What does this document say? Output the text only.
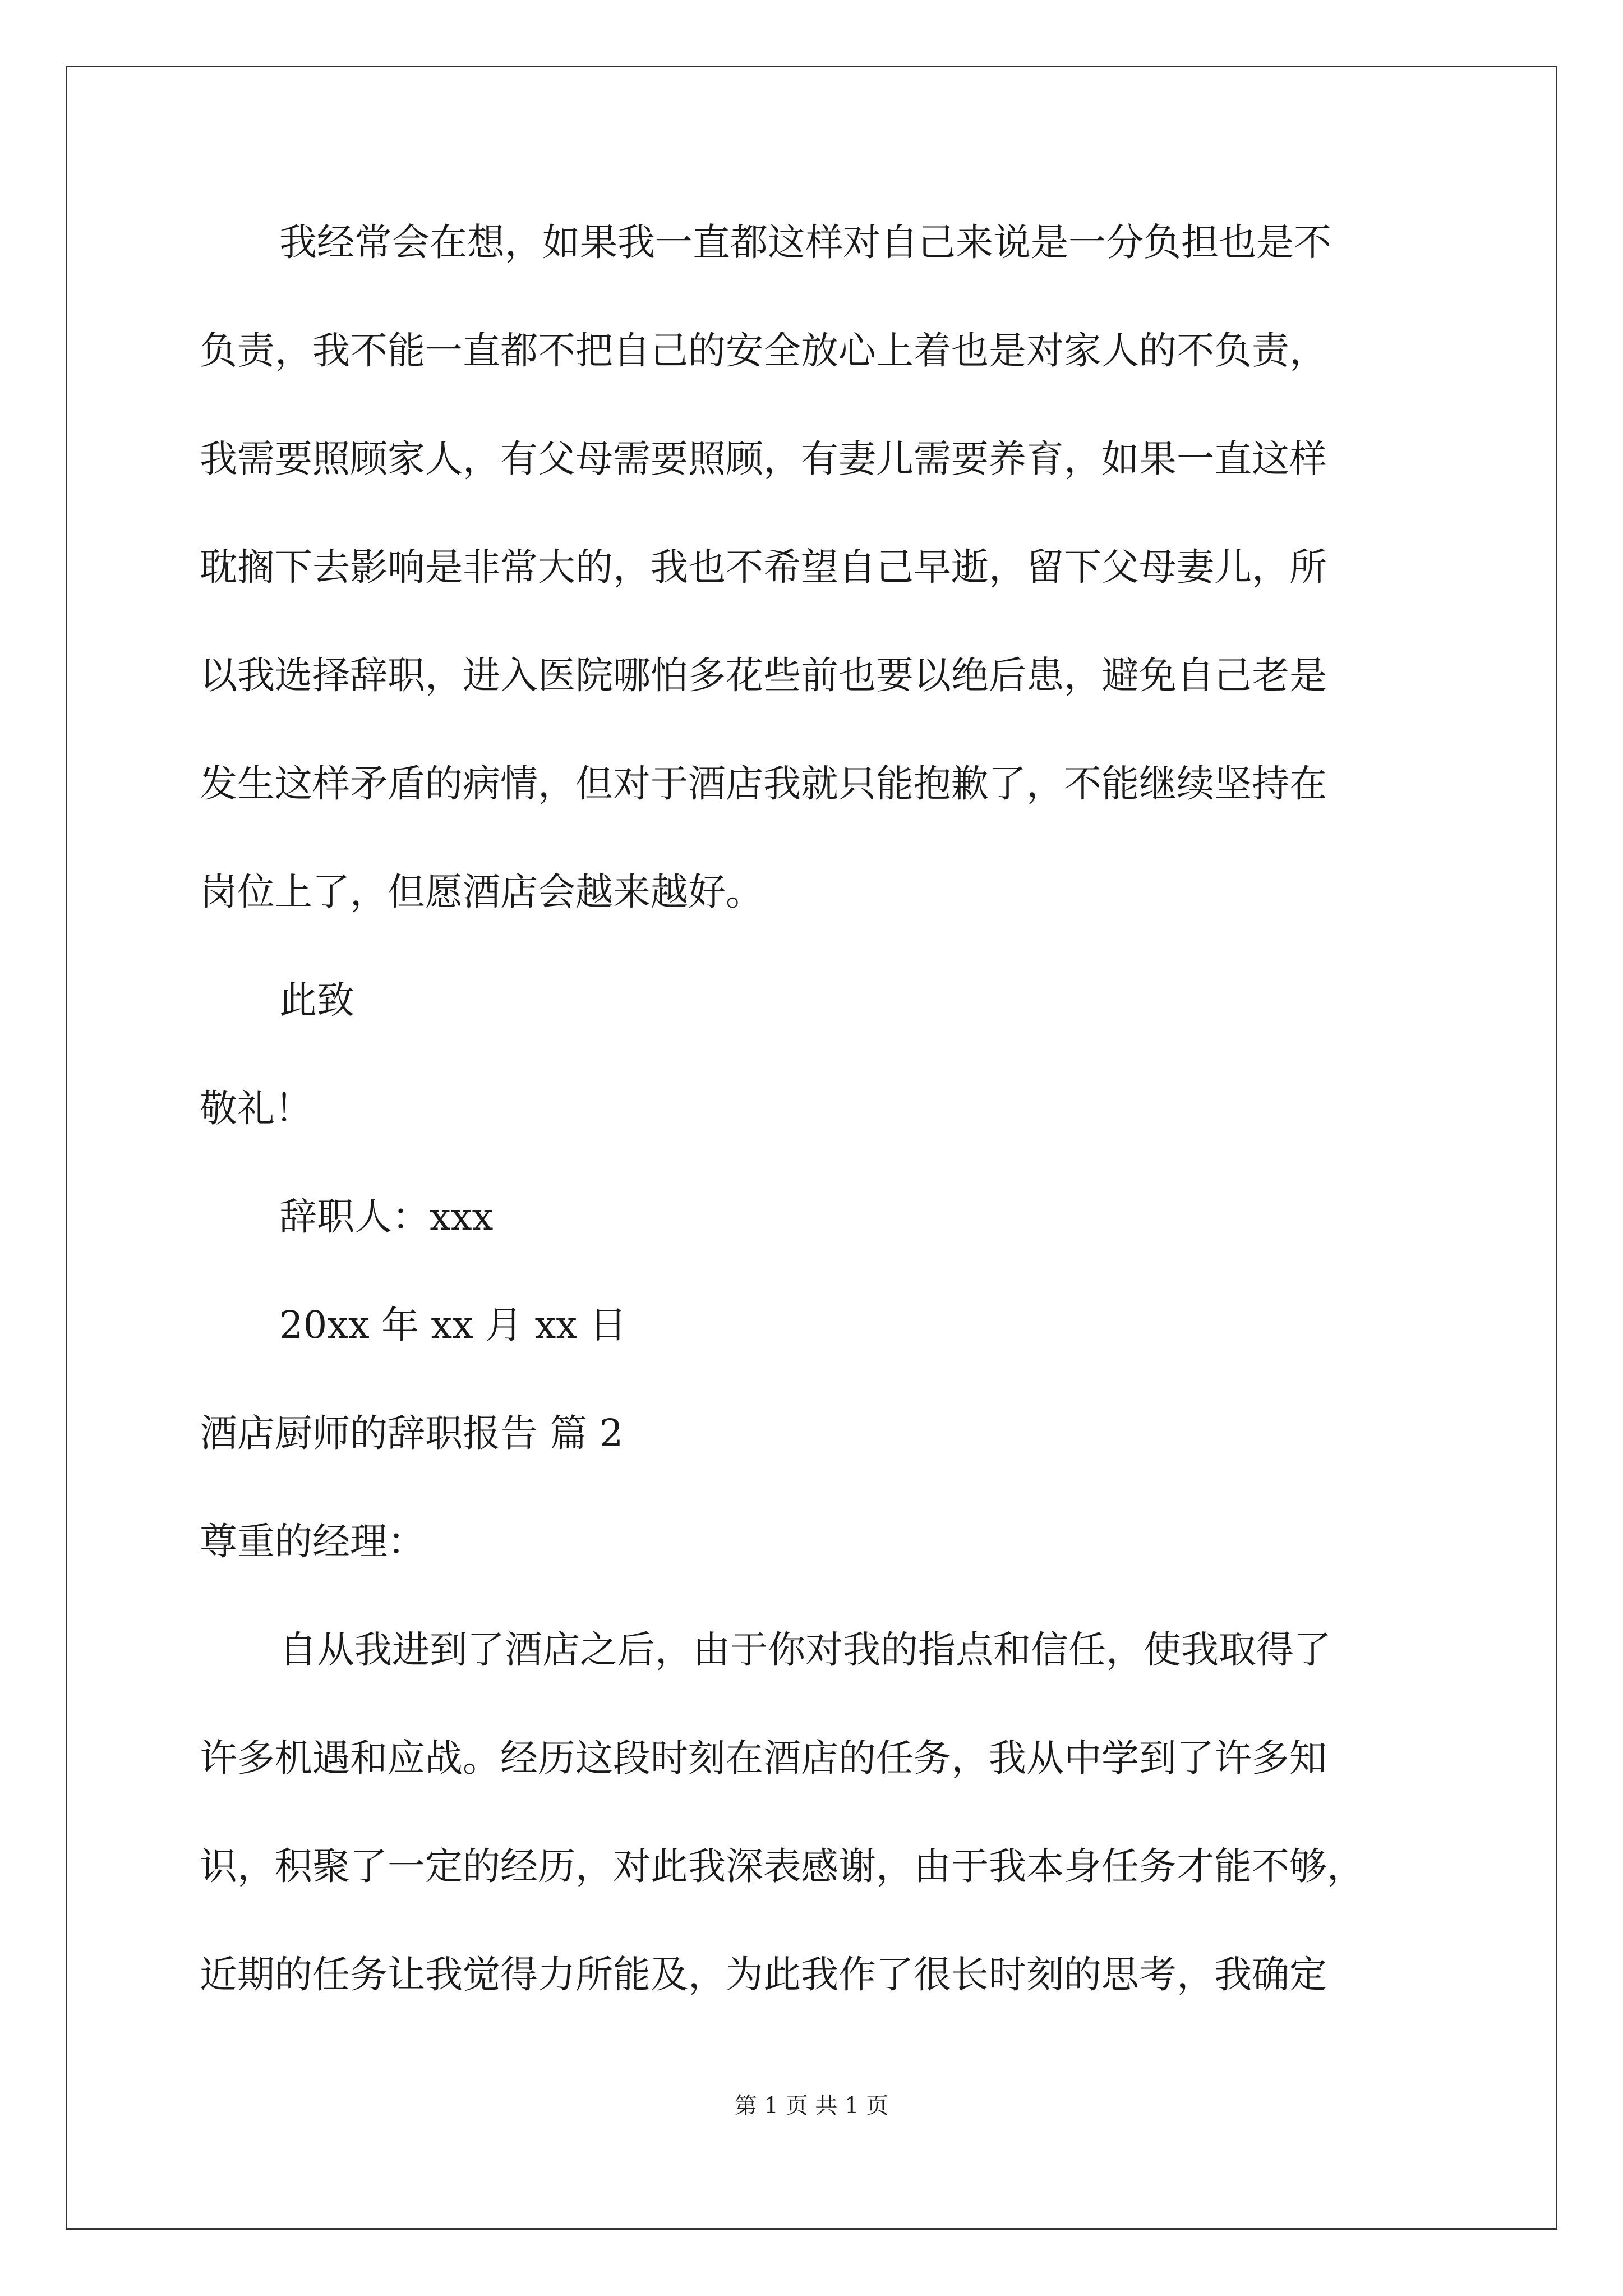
我经常会在想，如果我一直都这样对自己来说是一分负担也是不
负责，我不能一直都不把自己的安全放心上着也是对家人的不负责，
我需要照顾家人，有父母需要照顾，有妻儿需要养育，如果一直这样
耽搁下去影响是非常大的，我也不希望自己早逝，留下父母妻儿，所
以我选择辞职，进入医院哪怕多花些前也要以绝后患，避免自己老是
发生这样矛盾的病情，但对于酒店我就只能抱歉了，不能继续坚持在
岗位上了，但愿酒店会越来越好。
此致
敬礼！
辞职人：xxx
20xx 年 xx 月 xx 日
酒店厨师的辞职报告 篇 2
尊重的经理：
自从我进到了酒店之后，由于你对我的指点和信任，使我取得了
许多机遇和应战。经历这段时刻在酒店的任务，我从中学到了许多知
识，积聚了一定的经历，对此我深表感谢，由于我本身任务才能不够，
近期的任务让我觉得力所能及，为此我作了很长时刻的思考，我确定
第 1 页 共 1 页
